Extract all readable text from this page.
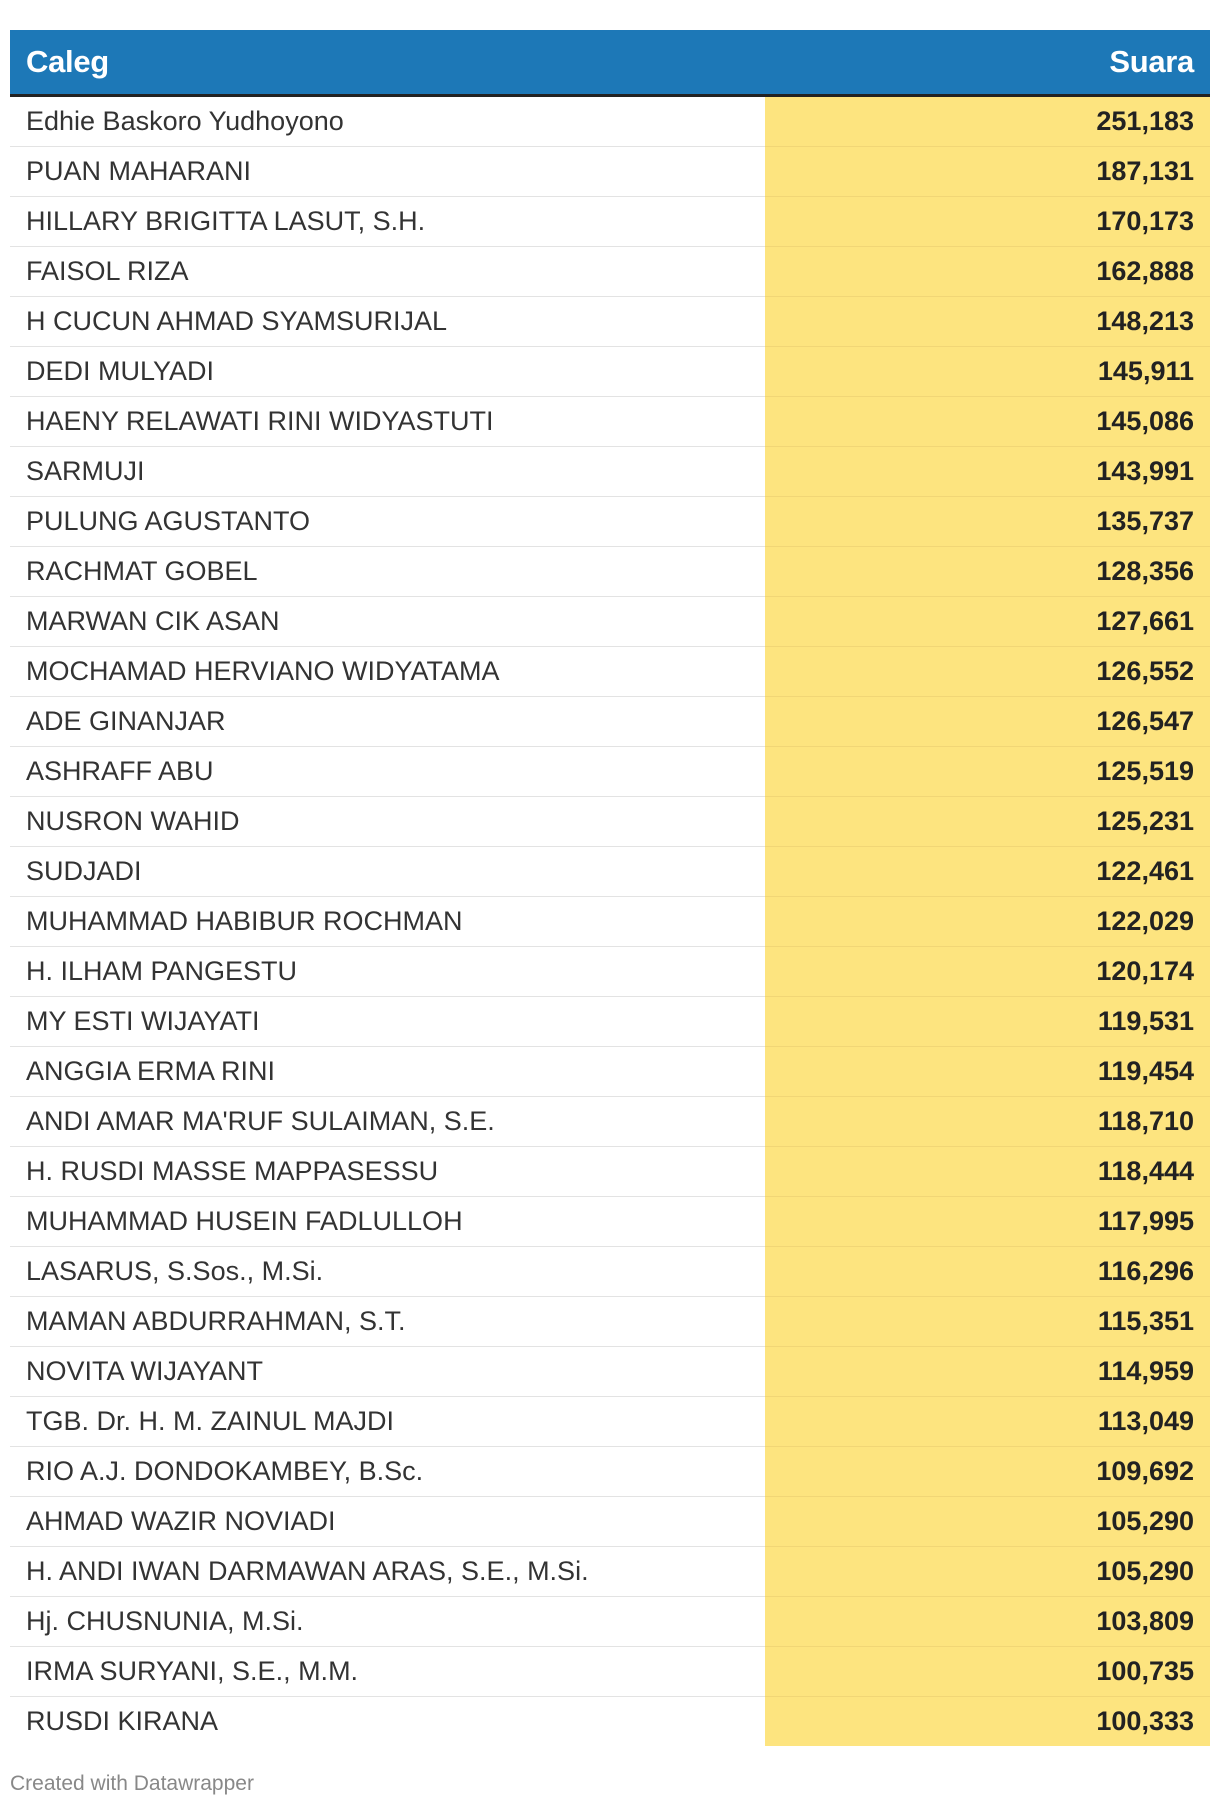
Caleg	Suara
Edhie Baskoro Yudhoyono	251,183
PUAN MAHARANI	187,131
HILLARY BRIGITTA LASUT, S.H.	170,173
FAISOL RIZA	162,888
H CUCUN AHMAD SYAMSURIJAL	148,213
DEDI MULYADI	145,911
HAENY RELAWATI RINI WIDYASTUTI	145,086
SARMUJI	143,991
PULUNG AGUSTANTO	135,737
RACHMAT GOBEL	128,356
MARWAN CIK ASAN	127,661
MOCHAMAD HERVIANO WIDYATAMA	126,552
ADE GINANJAR	126,547
ASHRAFF ABU	125,519
NUSRON WAHID	125,231
SUDJADI	122,461
MUHAMMAD HABIBUR ROCHMAN	122,029
H. ILHAM PANGESTU	120,174
MY ESTI WIJAYATI	119,531
ANGGIA ERMA RINI	119,454
ANDI AMAR MA'RUF SULAIMAN, S.E.	118,710
H. RUSDI MASSE MAPPASESSU	118,444
MUHAMMAD HUSEIN FADLULLOH	117,995
LASARUS, S.Sos., M.Si.	116,296
MAMAN ABDURRAHMAN, S.T.	115,351
NOVITA WIJAYANT	114,959
TGB. Dr. H. M. ZAINUL MAJDI	113,049
RIO A.J. DONDOKAMBEY, B.Sc.	109,692
AHMAD WAZIR NOVIADI	105,290
H. ANDI IWAN DARMAWAN ARAS, S.E., M.Si.	105,290
Hj. CHUSNUNIA, M.Si.	103,809
IRMA SURYANI, S.E., M.M.	100,735
RUSDI KIRANA	100,333
Created with Datawrapper
